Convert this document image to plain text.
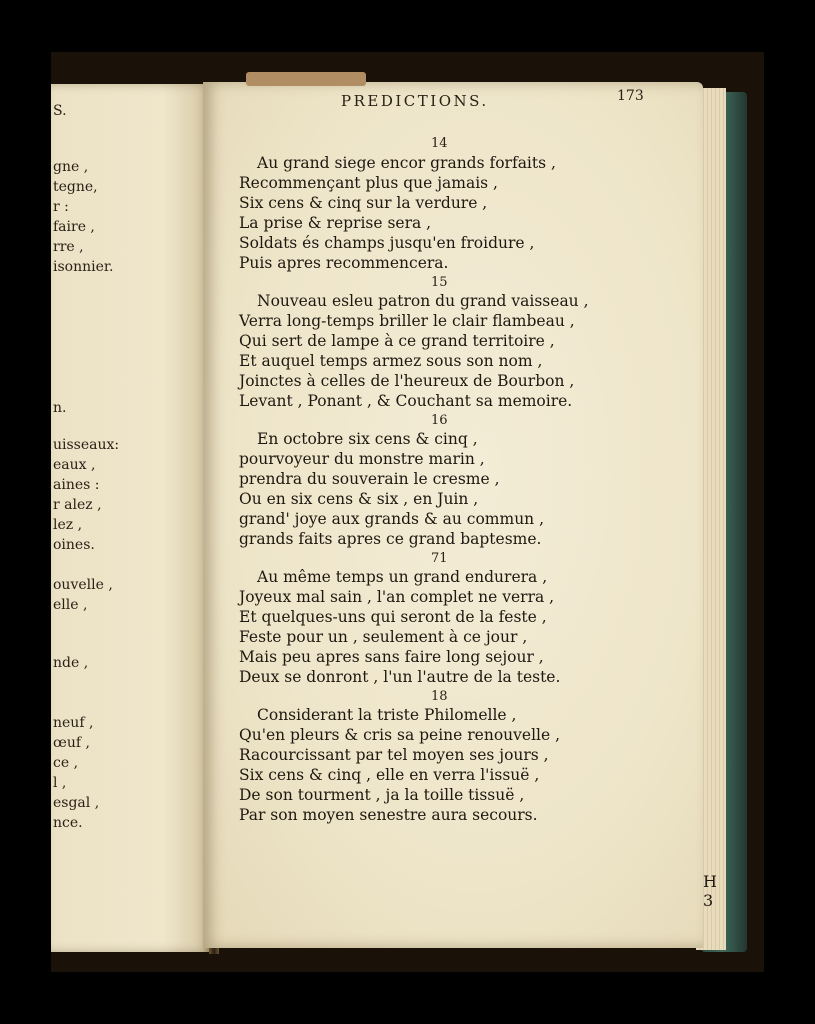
S.
gne ,
tegne,
r :
faire ,
rre ,
isonnier.
n.
uisseaux:
eaux ,
aines :
r alez ,
lez ,
oines.
ouvelle ,
elle ,
nde ,
neuf ,
œuf ,
ce ,
l ,
esgal ,
nce.
14
Au grand siege encor grands forfaits ,
Recommençant plus que jamais ,
Six cens & cinq sur la verdure ,
La prise & reprise sera ,
Soldats és champs jusqu'en froidure ,
Puis apres recommencera.
15
Nouveau esleu patron du grand vaisseau ,
Verra long-temps briller le clair flambeau ,
Qui sert de lampe à ce grand territoire ,
Et auquel temps armez sous son nom ,
Joinctes à celles de l'heureux de Bourbon ,
Levant , Ponant , & Couchant sa memoire.
16
En octobre six cens & cinq ,
pourvoyeur du monstre marin ,
prendra du souverain le cresme ,
Ou en six cens & six , en Juin ,
grand' joye aux grands & au commun ,
grands faits apres ce grand baptesme.
71
Au même temps un grand endurera ,
Joyeux mal sain , l'an complet ne verra ,
Et quelques-uns qui seront de la feste ,
Feste pour un , seulement à ce jour ,
Mais peu apres sans faire long sejour ,
Deux se donront , l'un l'autre de la teste.
18
Considerant la triste Philomelle ,
Qu'en pleurs & cris sa peine renouvelle ,
Racourcissant par tel moyen ses jours ,
Six cens & cinq , elle en verra l'issuë ,
De son tourment , ja la toille tissuë ,
Par son moyen senestre aura secours.
H 3
PREDICTIONS.	173
